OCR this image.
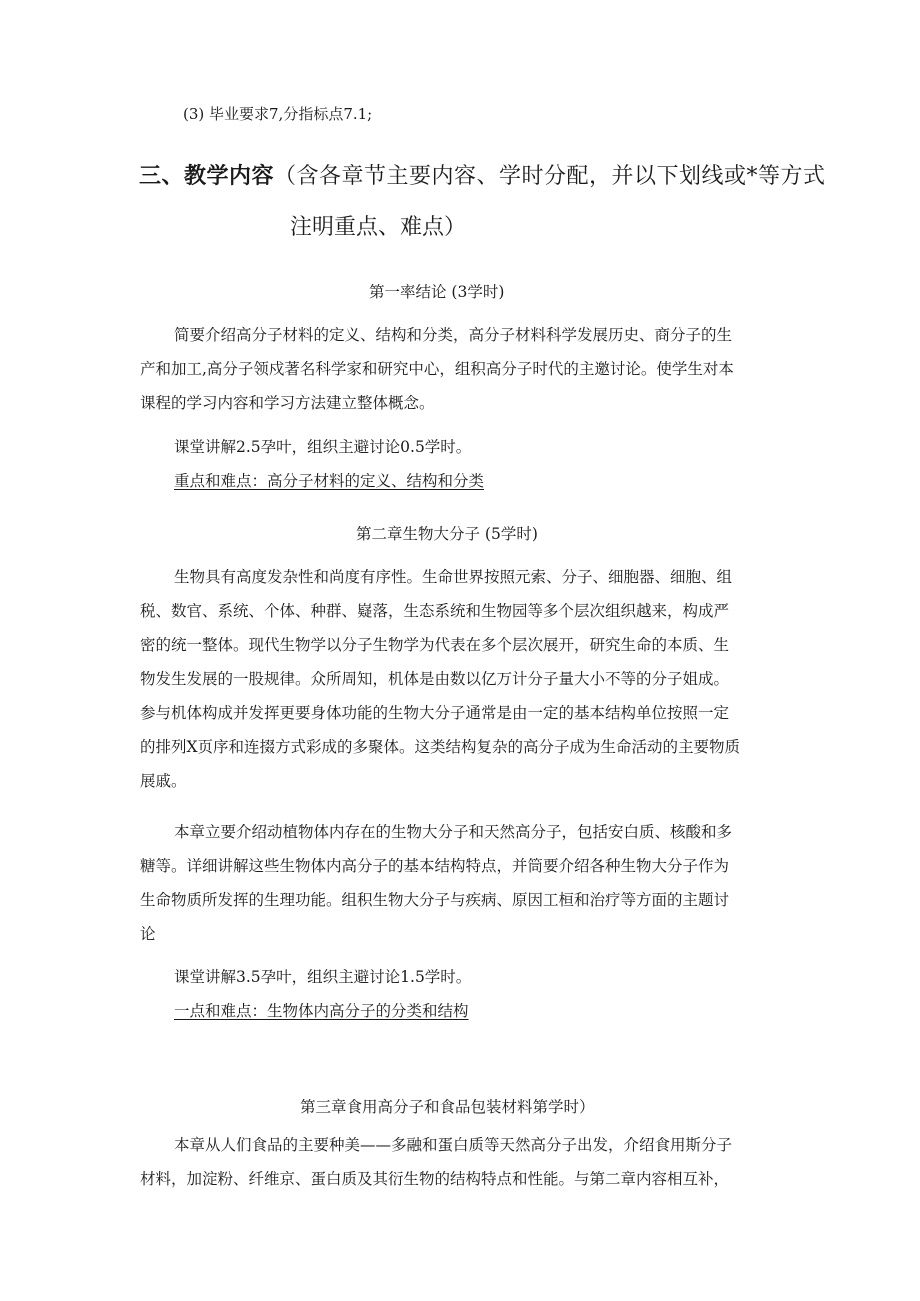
(3) 毕业要求7,分指标点7.1;
三、教学内容（含各章节主要内容、学时分配，并以下划线或*等方式
注明重点、难点）
第一率结论 (3学时)
简要介绍高分子材料的定义、结构和分类，高分子材料科学发展历史、商分子的生
产和加工,高分子领戍著名科学家和研究中心，组积高分子时代的主邀讨论。使学生对本
课程的学习内容和学习方法建立整体概念。
课堂讲解2.5孕叶，组织主避讨论0.5学时。
重点和难点：高分子材料的定义、结构和分类
第二章生物大分子 (5学时)
生物具有高度发杂性和尚度有序性。生命世界按照元索、分子、细胞器、细胞、组
税、数官、系统、个体、种群、嶷落，生态系统和生物园等多个层次组织越来，构成严
密的统一整体。现代生物学以分子生物学为代表在多个层次展开，研究生命的本质、生
物发生发展的一股规律。众所周知，机体是由数以亿万计分子量大小不等的分子姐成。
参与机体构成并发挥更要身体功能的生物大分子通常是由一定的基本结构单位按照一定
的排列X页序和连掇方式彩成的多聚体。这类结构复杂的高分子成为生命活动的主要物质
展戚。
本章立要介绍动植物体内存在的生物大分子和天然高分子，包括安白质、核酸和多
糖等。详细讲解这些生物体内高分子的基本结构特点，并筒要介绍各种生物大分子作为
生命物质所发挥的生理功能。组积生物大分子与疾病、原因工桓和治疗等方面的主题讨
论
课堂讲解3.5孕叶，组织主避讨论1.5学时。
一点和难点：生物体内高分子的分类和结构
第三章食用高分子和食品包装材料第学时）
本章从人们食品的主要种美——多融和蛋白质等天然高分子出发，介绍食用斯分子
材料，加淀粉、纤维京、蛋白质及其衍生物的结构特点和性能。与第二章内容相互补，
